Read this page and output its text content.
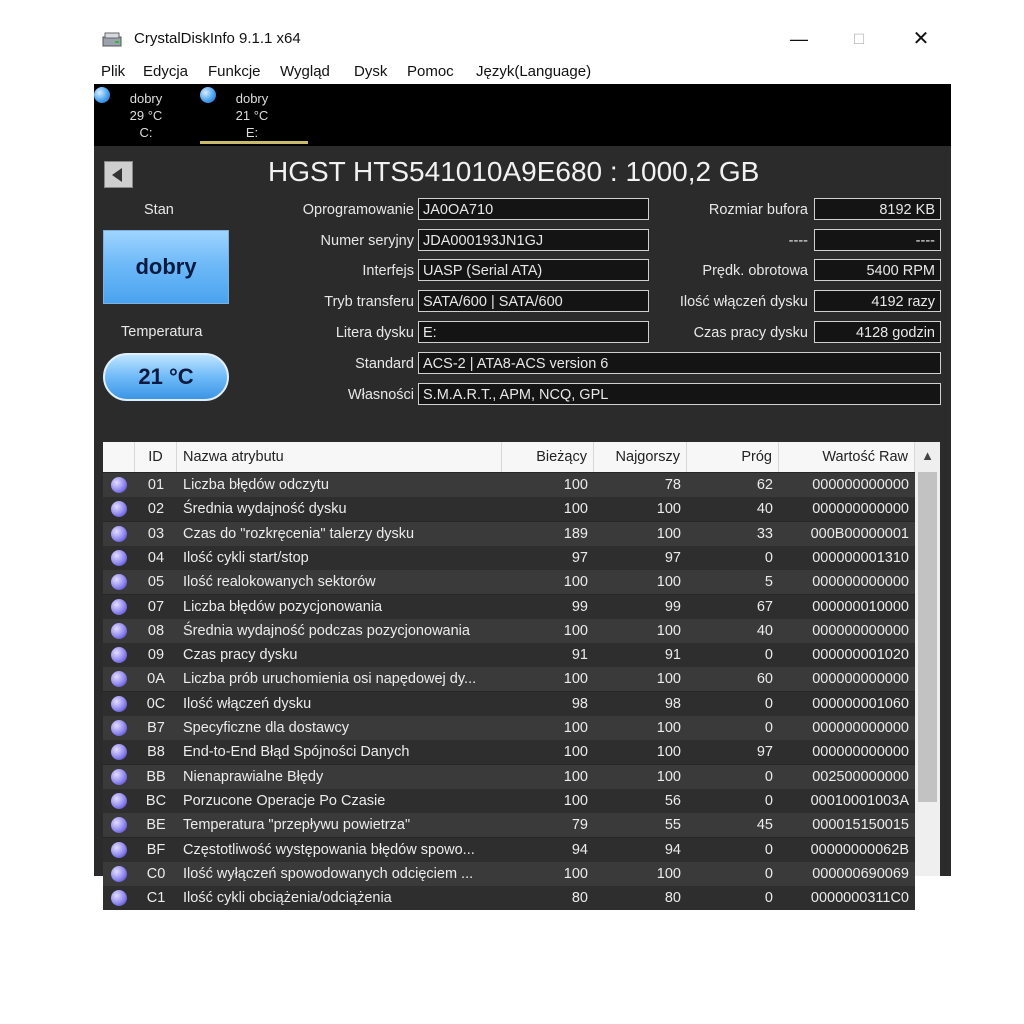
CrystalDiskInfo 9.1.1 x64	—	☐	✕
Plik Edycja Funkcje Wygląd Dysk Pomoc Język(Language)
dobry
29 °C
C:
dobry
21 °C
E:
HGST HTS541010A9E680 : 1000,2 GB
Stan
dobry
Temperatura
21 °C
Oprogramowanie JA0OA710
Numer seryjny JDA000193JN1GJ
Interfejs UASP (Serial ATA)
Tryb transferu SATA/600 | SATA/600
Litera dysku E:
Standard ACS-2 | ATA8-ACS version 6
Własności S.M.A.R.T., APM, NCQ, GPL
Rozmiar bufora	8192 KB
----	----
Prędk. obrotowa	5400 RPM
Ilość włączeń dysku	4192 razy
Czas pracy dysku	4128 godzin
ID	Nazwa atrybutu	Bieżący	Najgorszy	Próg	Wartość Raw
01	Liczba błędów odczytu	100	78	62	000000000000
02	Średnia wydajność dysku	100	100	40	000000000000
03	Czas do "rozkręcenia" talerzy dysku	189	100	33	000B00000001
04	Ilość cykli start/stop	97	97	0	000000001310
05	Ilość realokowanych sektorów	100	100	5	000000000000
07	Liczba błędów pozycjonowania	99	99	67	000000010000
08	Średnia wydajność podczas pozycjonowania	100	100	40	000000000000
09	Czas pracy dysku	91	91	0	000000001020
0A	Liczba prób uruchomienia osi napędowej dy...	100	100	60	000000000000
0C	Ilość włączeń dysku	98	98	0	000000001060
B7	Specyficzne dla dostawcy	100	100	0	000000000000
B8	End-to-End Błąd Spójności Danych	100	100	97	000000000000
BB	Nienaprawialne Błędy	100	100	0	002500000000
BC	Porzucone Operacje Po Czasie	100	56	0	00010001003A
BE	Temperatura "przepływu powietrza"	79	55	45	000015150015
BF	Częstotliwość występowania błędów spowo...	94	94	0	00000000062B
C0	Ilość wyłączeń spowodowanych odcięciem ...	100	100	0	000000690069
C1	Ilość cykli obciążenia/odciążenia	80	80	0	0000000311C0
▲
